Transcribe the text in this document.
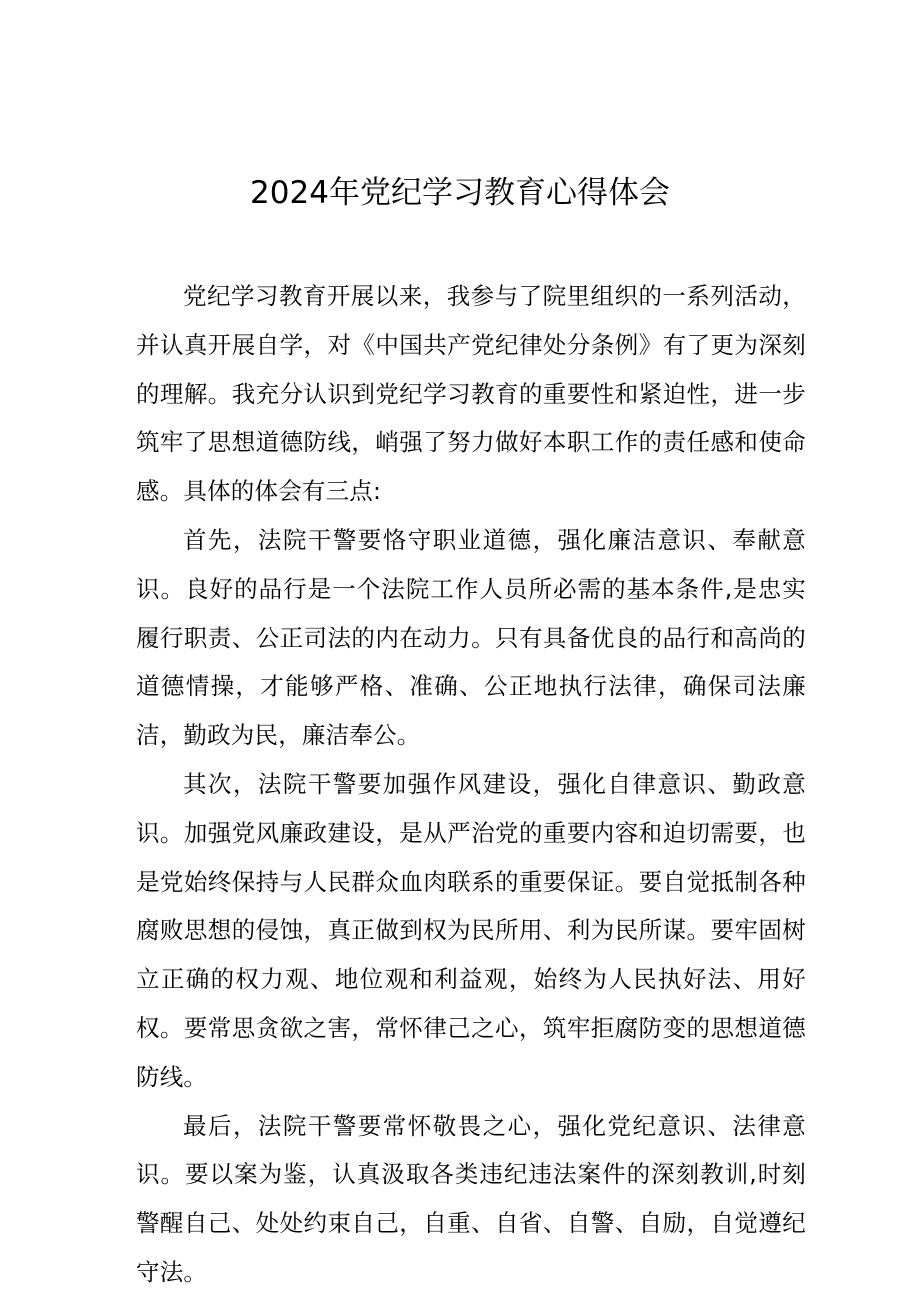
2024年党纪学习教育心得体会

党纪学习教育开展以来，我参与了院里组织的一系列活动，并认真开展自学，对《中国共产党纪律处分条例》有了更为深刻的理解。我充分认识到党纪学习教育的重要性和紧迫性，进一步筑牢了思想道德防线，峭强了努力做好本职工作的责任感和使命感。具体的体会有三点:

首先，法院干警要恪守职业道德，强化廉洁意识、奉献意识。良好的品行是一个法院工作人员所必需的基本条件,是忠实履行职责、公正司法的内在动力。只有具备优良的品行和高尚的道德情操，才能够严格、准确、公正地执行法律，确保司法廉洁，勤政为民，廉洁奉公。

其次，法院干警要加强作风建设，强化自律意识、勤政意识。加强党风廉政建设，是从严治党的重要内容和迫切需要，也是党始终保持与人民群众血肉联系的重要保证。要自觉抵制各种腐败思想的侵蚀，真正做到权为民所用、利为民所谋。要牢固树立正确的权力观、地位观和利益观，始终为人民执好法、用好权。要常思贪欲之害，常怀律己之心，筑牢拒腐防变的思想道德防线。

最后，法院干警要常怀敬畏之心，强化党纪意识、法律意识。要以案为鉴，认真汲取各类违纪违法案件的深刻教训,时刻警醒自己、处处约束自己，自重、自省、自警、自励，自觉遵纪守法。
